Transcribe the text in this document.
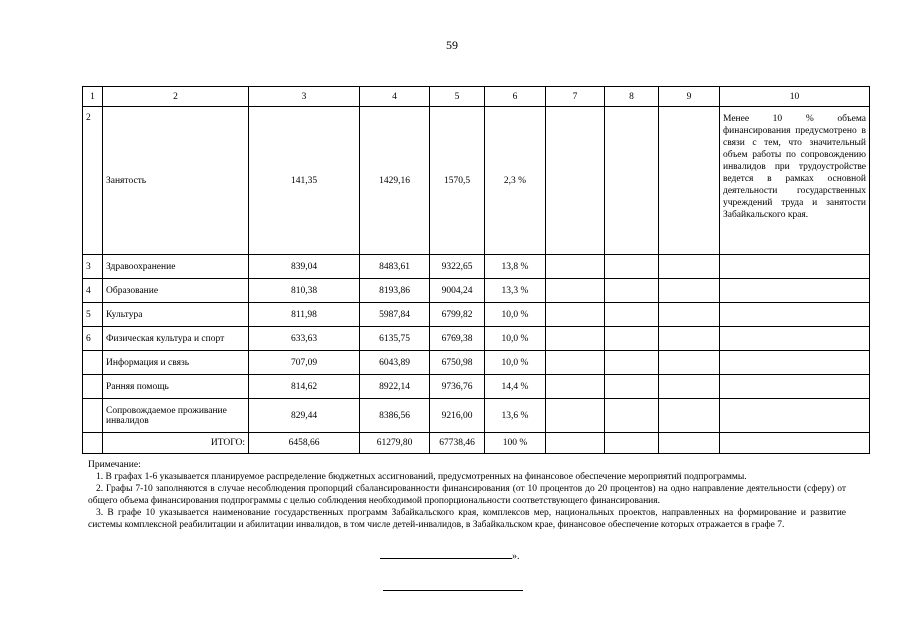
59
1	2	3	4	5	6	7	8	9	10
2	Занятость	141,35	1429,16	1570,5	2,3 %				Менее 10 % объема финансирования предусмотрено в связи с тем, что значительный объем работы по сопровождению инвалидов при трудоустройстве ведется в рамках основной деятельности государственных учреждений труда и занятости Забайкальского края.
3	Здравоохранение	839,04	8483,61	9322,65	13,8 %				
4	Образование	810,38	8193,86	9004,24	13,3 %				
5	Культура	811,98	5987,84	6799,82	10,0 %				
6	Физическая культура и спорт	633,63	6135,75	6769,38	10,0 %				
	Информация и связь	707,09	6043,89	6750,98	10,0 %				
	Ранняя помощь	814,62	8922,14	9736,76	14,4 %				
	Сопровождаемое проживание инвалидов	829,44	8386,56	9216,00	13,6 %				
	ИТОГО:	6458,66	61279,80	67738,46	100 %				

Примечание:

1. В графах 1-6 указывается планируемое распределение бюджетных ассигнований, предусмотренных на финансовое обеспечение мероприятий подпрограммы.

2. Графы 7-10 заполняются в случае несоблюдения пропорций сбалансированности финансирования (от 10 процентов до 20 процентов) на одно направление деятельности (сферу) от общего объема финансирования подпрограммы с целью соблюдения необходимой пропорциональности соответствующего финансирования.

3. В графе 10 указывается наименование государственных программ Забайкальского края, комплексов мер, национальных проектов, направленных на формирование и развитие системы комплексной реабилитации и абилитации инвалидов, в том числе детей-инвалидов, в Забайкальском крае, финансовое обеспечение которых отражается в графе 7.

».
